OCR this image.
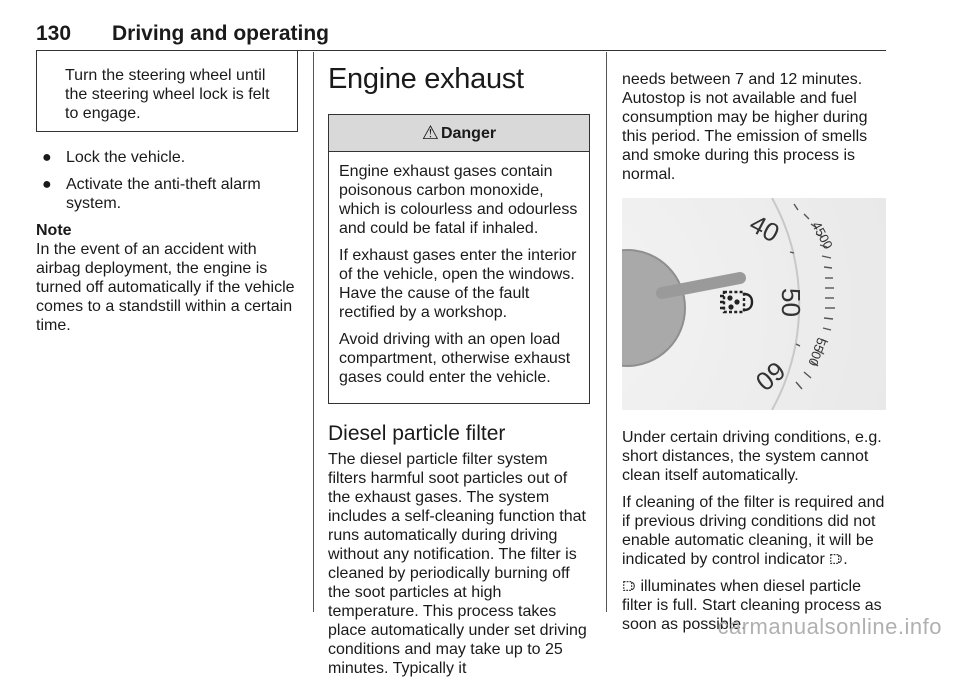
130 Driving and operating
Turn the steering wheel until the steering wheel lock is felt to engage.
● Lock the vehicle.
● Activate the anti-theft alarm system.
Note
In the event of an accident with airbag deployment, the engine is turned off automatically if the vehicle comes to a standstill within a certain time.
Engine exhaust
⚠ Danger

Engine exhaust gases contain poisonous carbon monoxide, which is colourless and odourless and could be fatal if inhaled.

If exhaust gases enter the interior of the vehicle, open the windows. Have the cause of the fault rectified by a workshop.

Avoid driving with an open load compartment, otherwise exhaust gases could enter the vehicle.

Diesel particle filter
The diesel particle filter system filters harmful soot particles out of the exhaust gases. The system includes a self-cleaning function that runs automatically during driving without any notification. The filter is cleaned by periodically burning off the soot particles at high temperature. This process takes place automatically under set driving conditions and may take up to 25 minutes. Typically it

needs between 7 and 12 minutes. Autostop is not available and fuel consumption may be higher during this period. The emission of smells and smoke during this process is normal.

40
50
60
4500
5500

Under certain driving conditions, e.g. short distances, the system cannot clean itself automatically.

If cleaning of the filter is required and if previous driving conditions did not enable automatic cleaning, it will be indicated by control indicator .

illuminates when diesel particle filter is full. Start cleaning process as soon as possible.

carmanualsonline.info
